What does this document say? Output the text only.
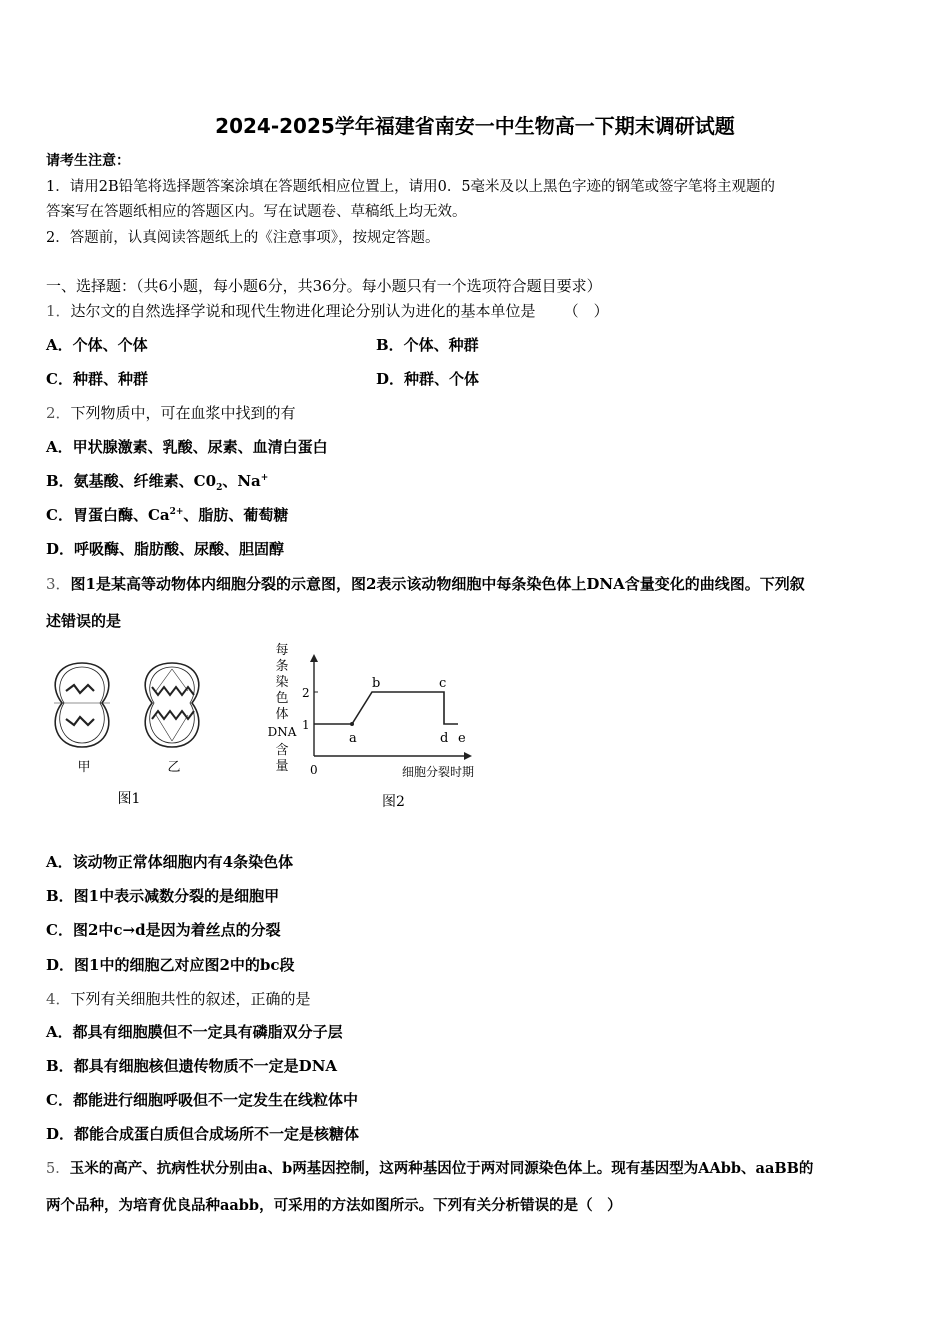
2024-2025学年福建省南安一中生物高一下期末调研试题
请考生注意：
1．请用2B铅笔将选择题答案涂填在答题纸相应位置上，请用0．5毫米及以上黑色字迹的钢笔或签字笔将主观题的
答案写在答题纸相应的答题区内。写在试题卷、草稿纸上均无效。
2．答题前，认真阅读答题纸上的《注意事项》，按规定答题。
一、选择题：（共6小题，每小题6分，共36分。每小题只有一个选项符合题目要求）
1．达尔文的自然选择学说和现代生物进化理论分别认为进化的基本单位是 （　）
A．个体、个体	B．个体、种群
C．种群、种群	D．种群、个体
2．下列物质中，可在血浆中找到的有
A．甲状腺激素、乳酸、尿素、血清白蛋白
B．氨基酸、纤维素、$C0_2$、Na+
C．胃蛋白酶、$Ca^{2+}$、脂肪、葡萄糖
D．呼吸酶、脂肪酸、尿酸、胆固醇
3．图1是某高等动物体内细胞分裂的示意图，图2表示该动物细胞中每条染色体上DNA含量变化的曲线图。下列叙
述错误的是
甲	乙
图1
每
条
染
色
体
DNA
含
量
2
1
0
a
b	c
d e
细胞分裂时期
图2
A．该动物正常体细胞内有4条染色体
B．图1中表示减数分裂的是细胞甲
C．图2中c→d是因为着丝点的分裂
D．图1中的细胞乙对应图2中的bc段
4．下列有关细胞共性的叙述，正确的是
A．都具有细胞膜但不一定具有磷脂双分子层
B．都具有细胞核但遗传物质不一定是DNA
C．都能进行细胞呼吸但不一定发生在线粒体中
D．都能合成蛋白质但合成场所不一定是核糖体
5．玉米的高产、抗病性状分别由a、b两基因控制，这两种基因位于两对同源染色体上。现有基因型为AAbb、aaBB的
两个品种，为培育优良品种aabb，可采用的方法如图所示。下列有关分析错误的是（　）
